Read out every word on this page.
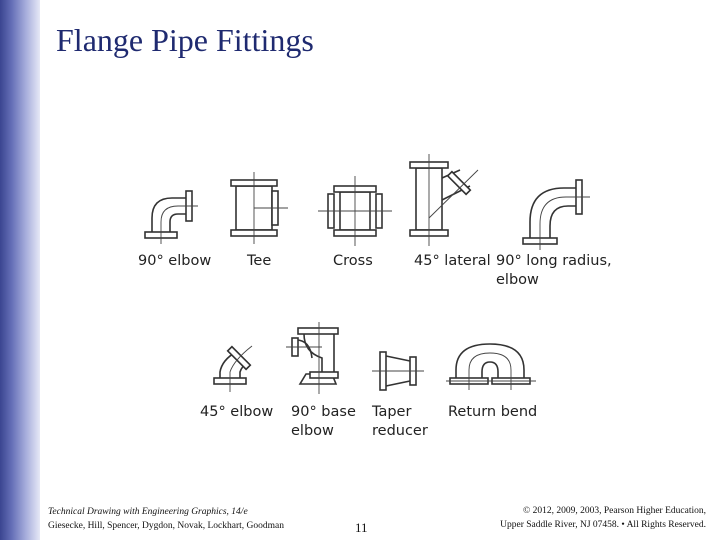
Flange Pipe Fittings
90° elbow Tee	Cross	45° lateral 90° long radius,
elbow
45° elbow 90° base
elbow
Taper
reducer
Return bend
Technical Drawing with Engineering Graphics, 14/e
Giesecke, Hill, Spencer, Dygdon, Novak, Lockhart, Goodman	11
© 2012, 2009, 2003, Pearson Higher Education,
Upper Saddle River, NJ 07458. • All Rights Reserved.
